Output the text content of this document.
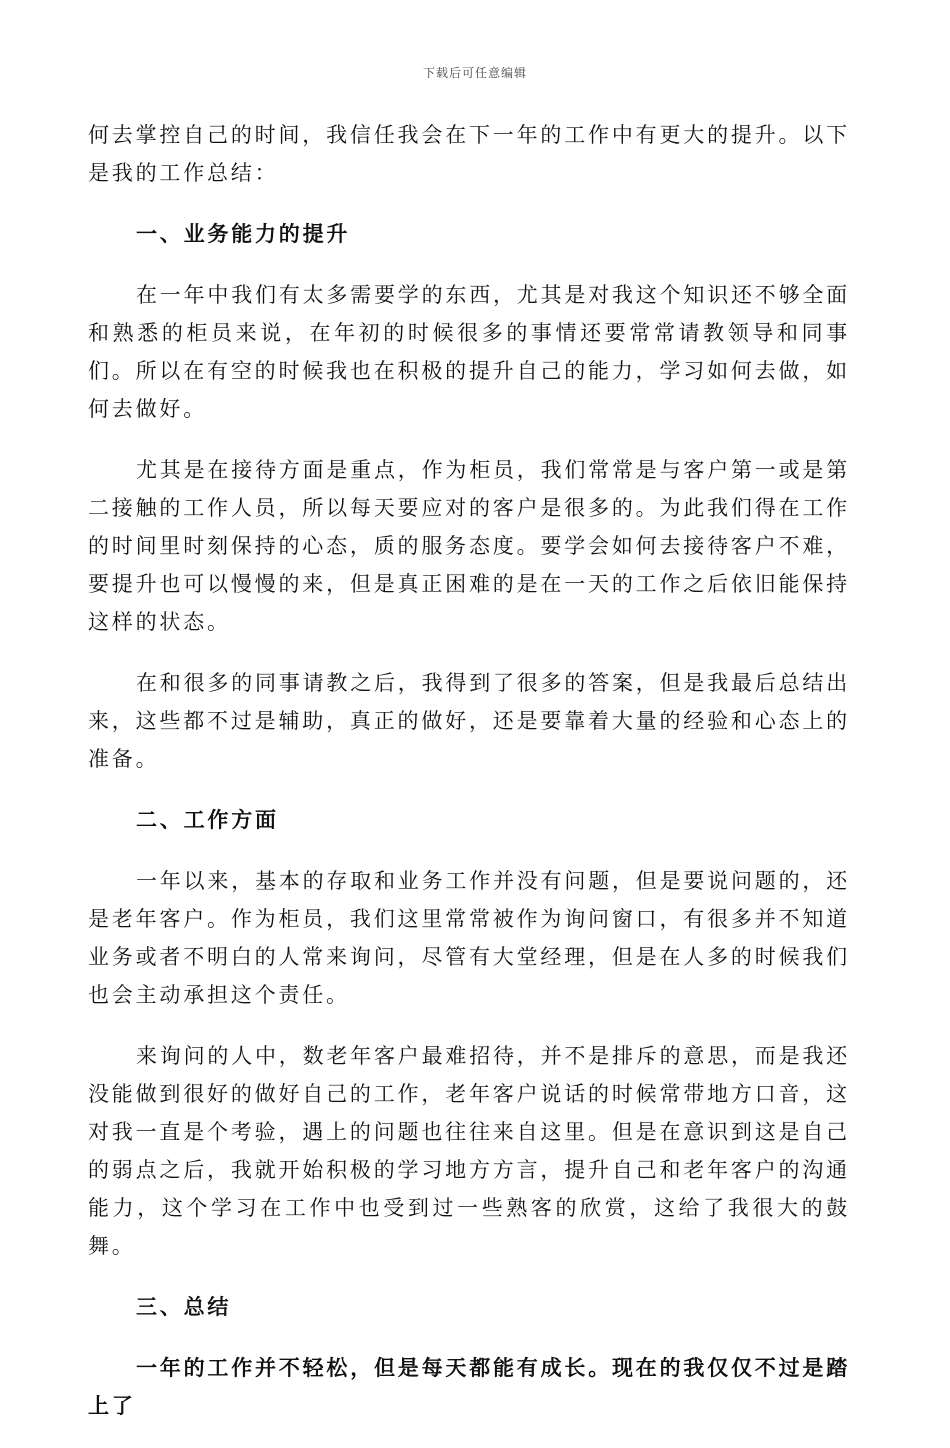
下载后可任意编辑

何去掌控自己的时间，我信任我会在下一年的工作中有更大的提升。以下是我的工作总结：

一、业务能力的提升

在一年中我们有太多需要学的东西，尤其是对我这个知识还不够全面和熟悉的柜员来说，在年初的时候很多的事情还要常常请教领导和同事们。所以在有空的时候我也在积极的提升自己的能力，学习如何去做，如何去做好。

尤其是在接待方面是重点，作为柜员，我们常常是与客户第一或是第二接触的工作人员，所以每天要应对的客户是很多的。为此我们得在工作的时间里时刻保持的心态，质的服务态度。要学会如何去接待客户不难，要提升也可以慢慢的来，但是真正困难的是在一天的工作之后依旧能保持这样的状态。

在和很多的同事请教之后，我得到了很多的答案，但是我最后总结出来，这些都不过是辅助，真正的做好，还是要靠着大量的经验和心态上的准备。

二、工作方面

一年以来，基本的存取和业务工作并没有问题，但是要说问题的，还是老年客户。作为柜员，我们这里常常被作为询问窗口，有很多并不知道业务或者不明白的人常来询问，尽管有大堂经理，但是在人多的时候我们也会主动承担这个责任。

来询问的人中，数老年客户最难招待，并不是排斥的意思，而是我还没能做到很好的做好自己的工作，老年客户说话的时候常带地方口音，这对我一直是个考验，遇上的问题也往往来自这里。但是在意识到这是自己的弱点之后，我就开始积极的学习地方方言，提升自己和老年客户的沟通能力，这个学习在工作中也受到过一些熟客的欣赏，这给了我很大的鼓舞。

三、总结

一年的工作并不轻松，但是每天都能有成长。现在的我仅仅不过是踏上了
